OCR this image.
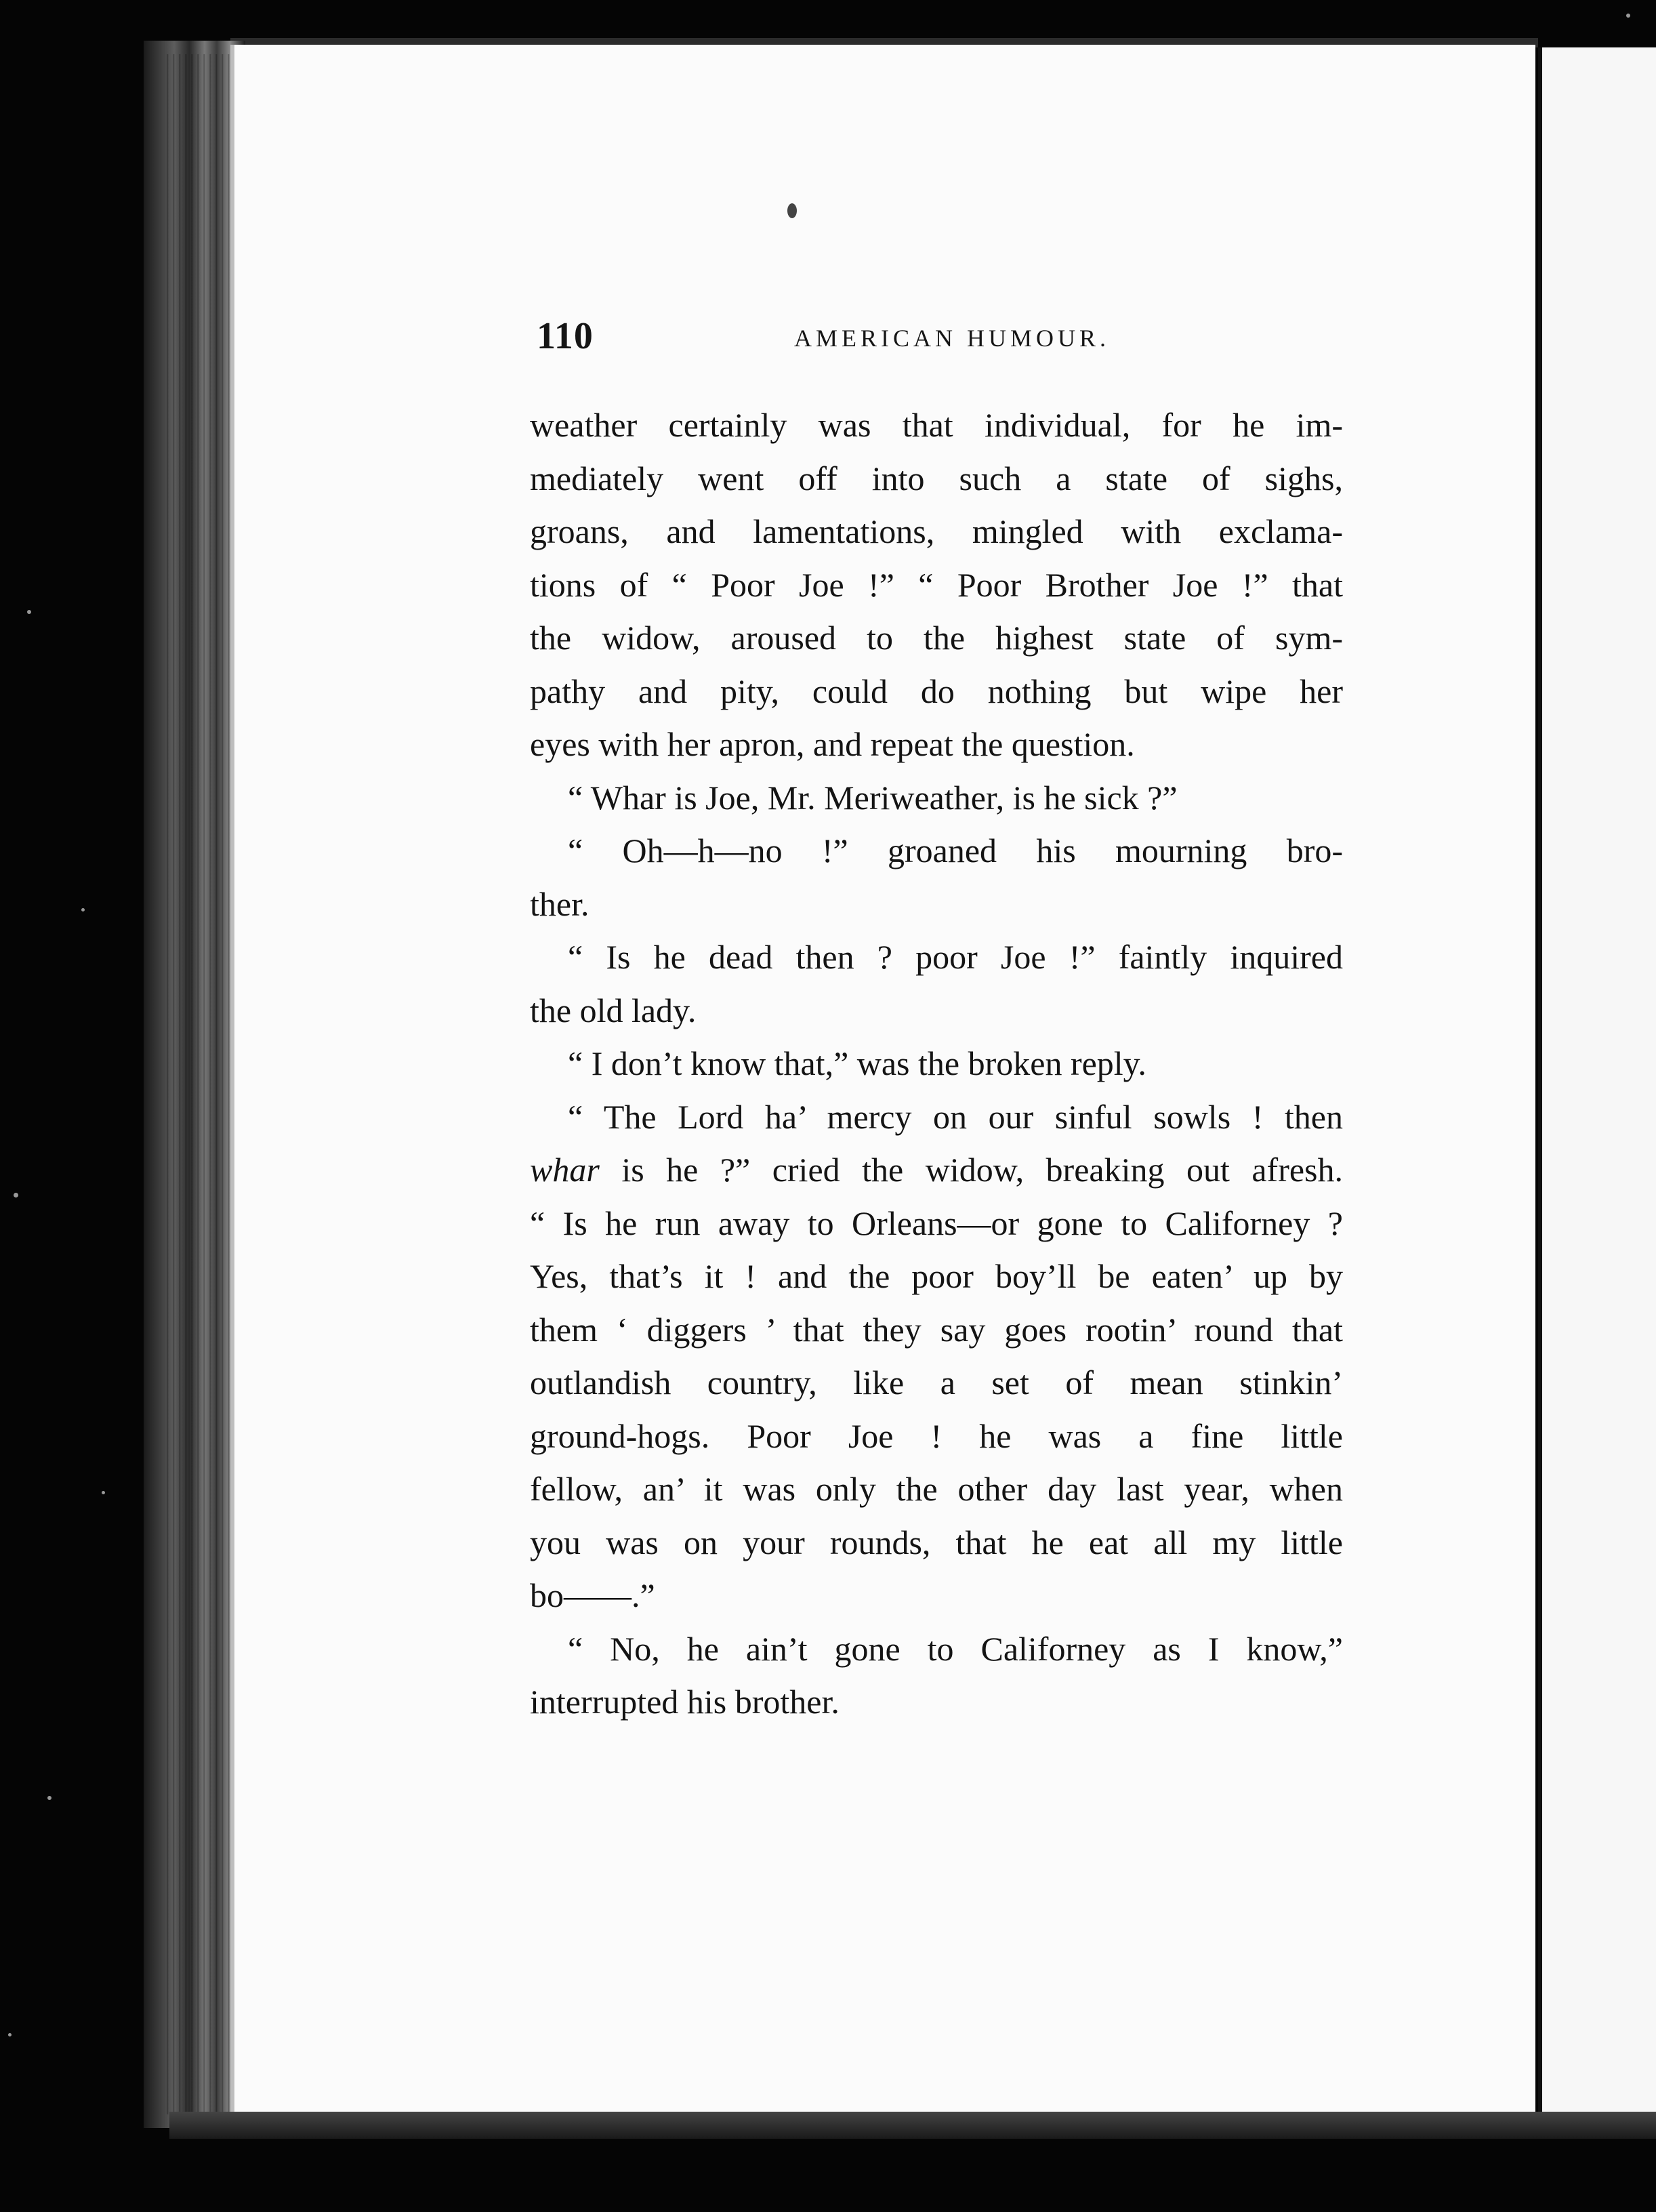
110	AMERICAN HUMOUR.
weather certainly was that individual, for he im-
mediately went off into such a state of sighs,
groans, and lamentations, mingled with exclama-
tions of “ Poor Joe !” “ Poor Brother Joe !” that
the widow, aroused to the highest state of sym-
pathy and pity, could do nothing but wipe her
eyes with her apron, and repeat the question.
“ Whar is Joe, Mr. Meriweather, is he sick ?”
“ Oh—h—no !” groaned his mourning bro-
ther.
“ Is he dead then ? poor Joe !” faintly inquired
the old lady.
“ I don’t know that,” was the broken reply.
“ The Lord ha’ mercy on our sinful sowls ! then
whar is he ?” cried the widow, breaking out afresh.
“ Is he run away to Orleans—or gone to Californey ?
Yes, that’s it ! and the poor boy’ll be eaten’ up by
them ‘ diggers ’ that they say goes rootin’ round that
outlandish country, like a set of mean stinkin’
ground-hogs. Poor Joe ! he was a fine little
fellow, an’ it was only the other day last year, when
you was on your rounds, that he eat all my little
bo——.”
“ No, he ain’t gone to Californey as I know,”
interrupted his brother.
